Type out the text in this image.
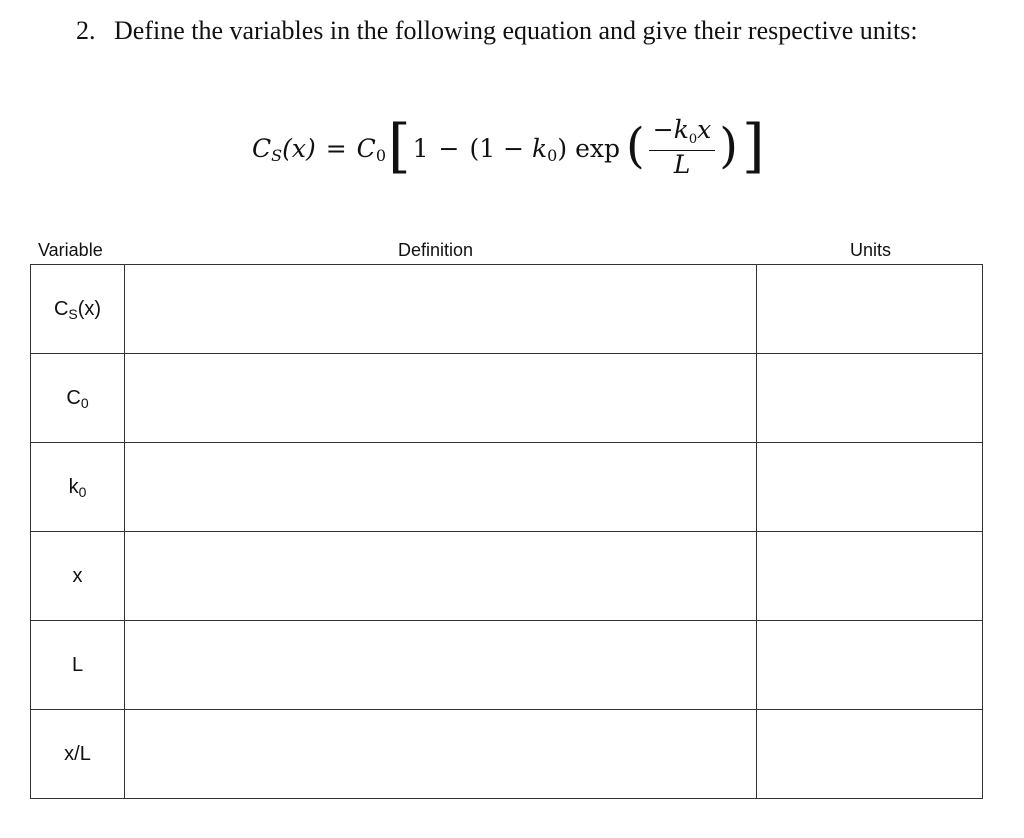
2. Define the variables in the following equation and give their respective units:
C S (x) = C 0 [ 1 − (1 −
k 0 ) exp ( $\frac{-k_0x}{L}$ ) ]
Variable	Definition	Units
$C_S(x)$		
$C_0$		
$k_0$		
x		
L		
x/L		
